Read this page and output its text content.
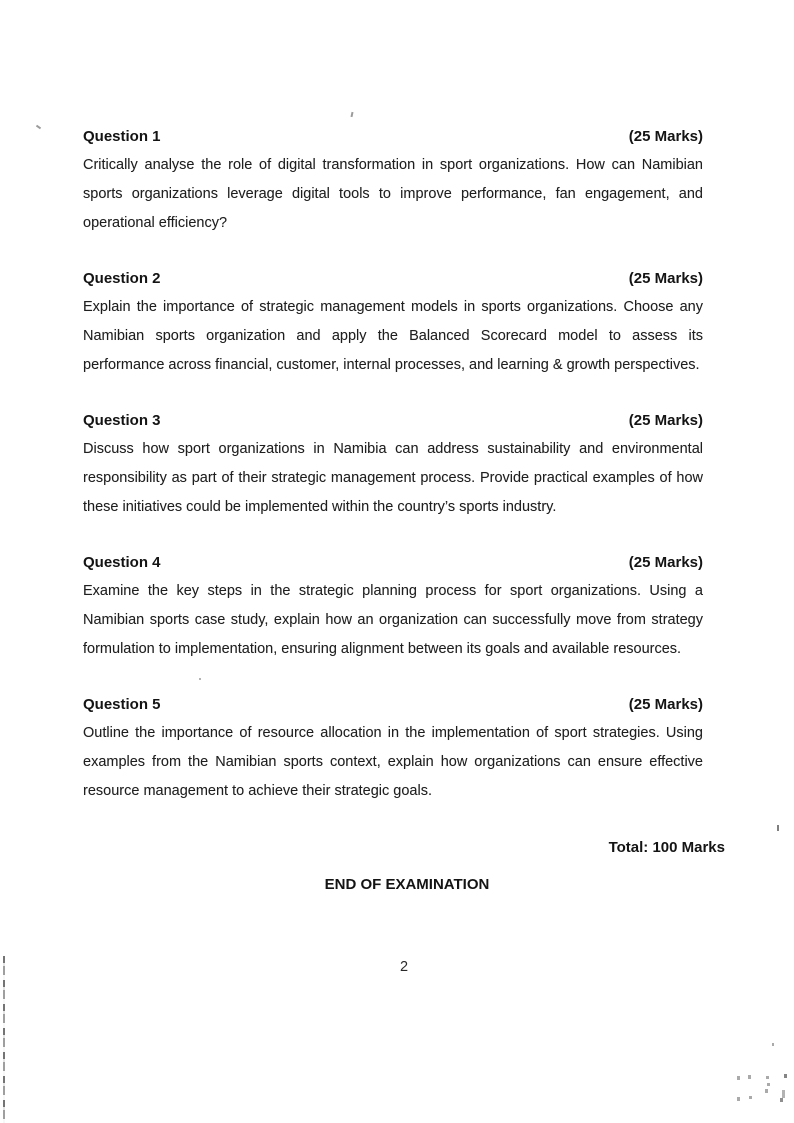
Question 1	(25 Marks)

Critically analyse the role of digital transformation in sport organizations. How can Namibian sports organizations leverage digital tools to improve performance, fan engagement, and operational efficiency?

Question 2	(25 Marks)

Explain the importance of strategic management models in sports organizations. Choose any Namibian sports organization and apply the Balanced Scorecard model to assess its performance across financial, customer, internal processes, and learning & growth perspectives.

Question 3	(25 Marks)

Discuss how sport organizations in Namibia can address sustainability and environmental responsibility as part of their strategic management process. Provide practical examples of how these initiatives could be implemented within the country’s sports industry.

Question 4	(25 Marks)

Examine the key steps in the strategic planning process for sport organizations. Using a Namibian sports case study, explain how an organization can successfully move from strategy formulation to implementation, ensuring alignment between its goals and available resources.

Question 5	(25 Marks)

Outline the importance of resource allocation in the implementation of sport strategies. Using examples from the Namibian sports context, explain how organizations can ensure effective resource management to achieve their strategic goals.

Total: 100 Marks
END OF EXAMINATION
2
